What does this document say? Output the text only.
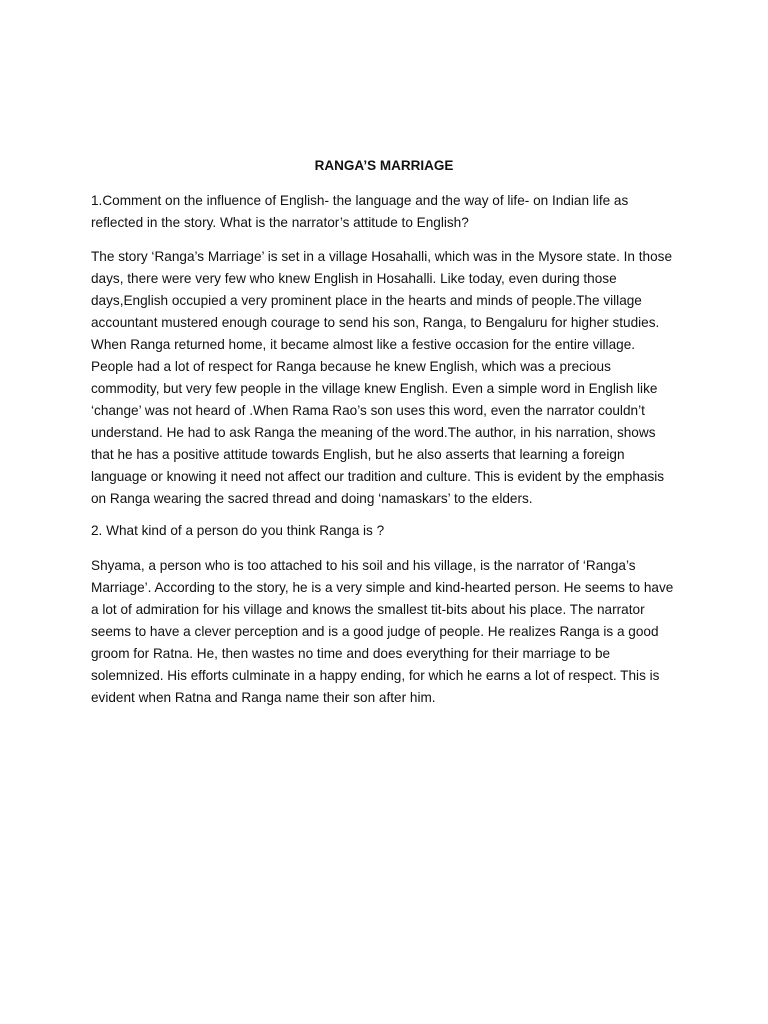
RANGA’S MARRIAGE

1.Comment on the influence of English- the language and the way of life- on Indian life as reflected in the story. What is the narrator’s attitude to English?

The story ‘Ranga’s Marriage’ is set in a village Hosahalli, which was in the Mysore state. In those days, there were very few who knew English in Hosahalli. Like today, even during those days,English occupied a very prominent place in the hearts and minds of people.The village accountant mustered enough courage to send his son, Ranga, to Bengaluru for higher studies. When Ranga returned home, it became almost like a festive occasion for the entire village. People had a lot of respect for Ranga because he knew English, which was a precious commodity, but very few people in the village knew English. Even a simple word in English like ‘change’ was not heard of .When Rama Rao’s son uses this word, even the narrator couldn’t understand. He had to ask Ranga the meaning of the word.The author, in his narration, shows that he has a positive attitude towards English, but he also asserts that learning a foreign language or knowing it need not affect our tradition and culture. This is evident by the emphasis on Ranga wearing the sacred thread and doing ‘namaskars’ to the elders.

2. What kind of a person do you think Ranga is ?

Shyama, a person who is too attached to his soil and his village, is the narrator of ‘Ranga’s Marriage’. According to the story, he is a very simple and kind-hearted person. He seems to have a lot of admiration for his village and knows the smallest tit-bits about his place. The narrator seems to have a clever perception and is a good judge of people. He realizes Ranga is a good groom for Ratna. He, then wastes no time and does everything for their marriage to be solemnized. His efforts culminate in a happy ending, for which he earns a lot of respect. This is evident when Ratna and Ranga name their son after him.
